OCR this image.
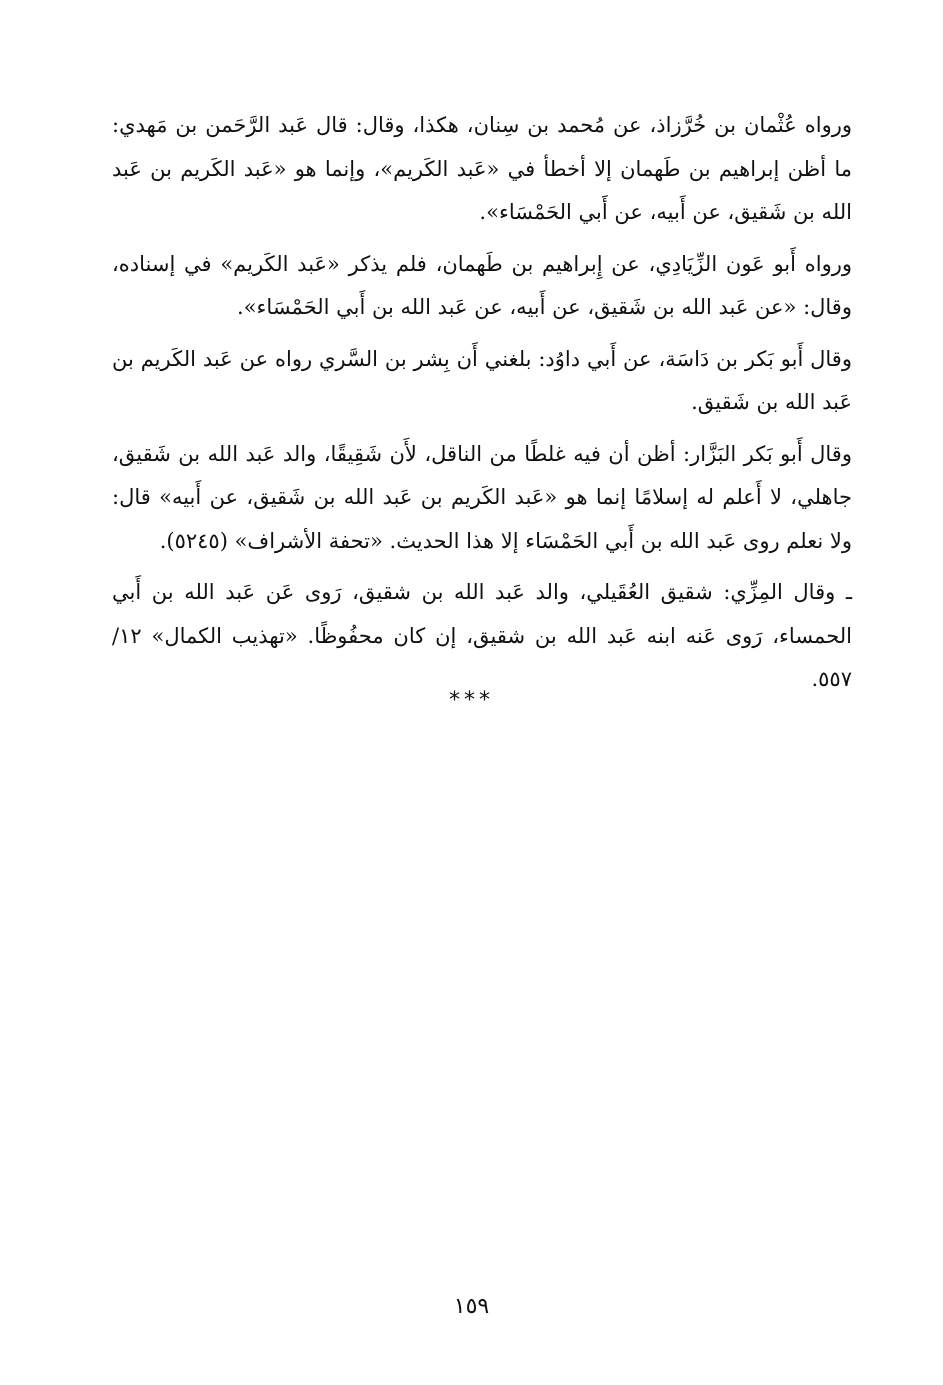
ورواه عُثْمان بن خُرَّزاذ، عن مُحمد بن سِنان، هكذا، وقال: قال عَبد الرَّحَمن بن مَهدي: ما أظن إبراهيم بن طَهمان إلا أخطأ في «عَبد الكَريم»، وإنما هو «عَبد الكَريم بن عَبد الله بن شَقيق، عن أَبيه، عن أَبي الحَمْسَاء».

ورواه أَبو عَون الزِّيَادِي، عن إِبراهيم بن طَهمان، فلم يذكر «عَبد الكَريم» في إسناده، وقال: «عن عَبد الله بن شَقيق، عن أَبيه، عن عَبد الله بن أَبي الحَمْسَاء».

وقال أَبو بَكر بن دَاسَة، عن أَبي داوُد: بلغني أَن بِشر بن السَّري رواه عن عَبد الكَريم بن عَبد الله بن شَقيق.

وقال أَبو بَكر البَزَّار: أظن أن فيه غلطًا من الناقل، لأَن شَقِيقًا، والد عَبد الله بن شَقيق، جاهلي، لا أَعلم له إسلامًا إنما هو «عَبد الكَريم بن عَبد الله بن شَقيق، عن أَبيه» قال: ولا نعلم روى عَبد الله بن أَبي الحَمْسَاء إلا هذا الحديث. «تحفة الأشراف» (٥٢٤٥).

ـ وقال المِزِّي: شقيق العُقَيلي، والد عَبد الله بن شقيق، رَوى عَن عَبد الله بن أَبي الحمساء، رَوى عَنه ابنه عَبد الله بن شقيق، إن كان محفُوظًا. «تهذيب الكمال» ١٢/ ٥٥٧.

***
١٥٩
